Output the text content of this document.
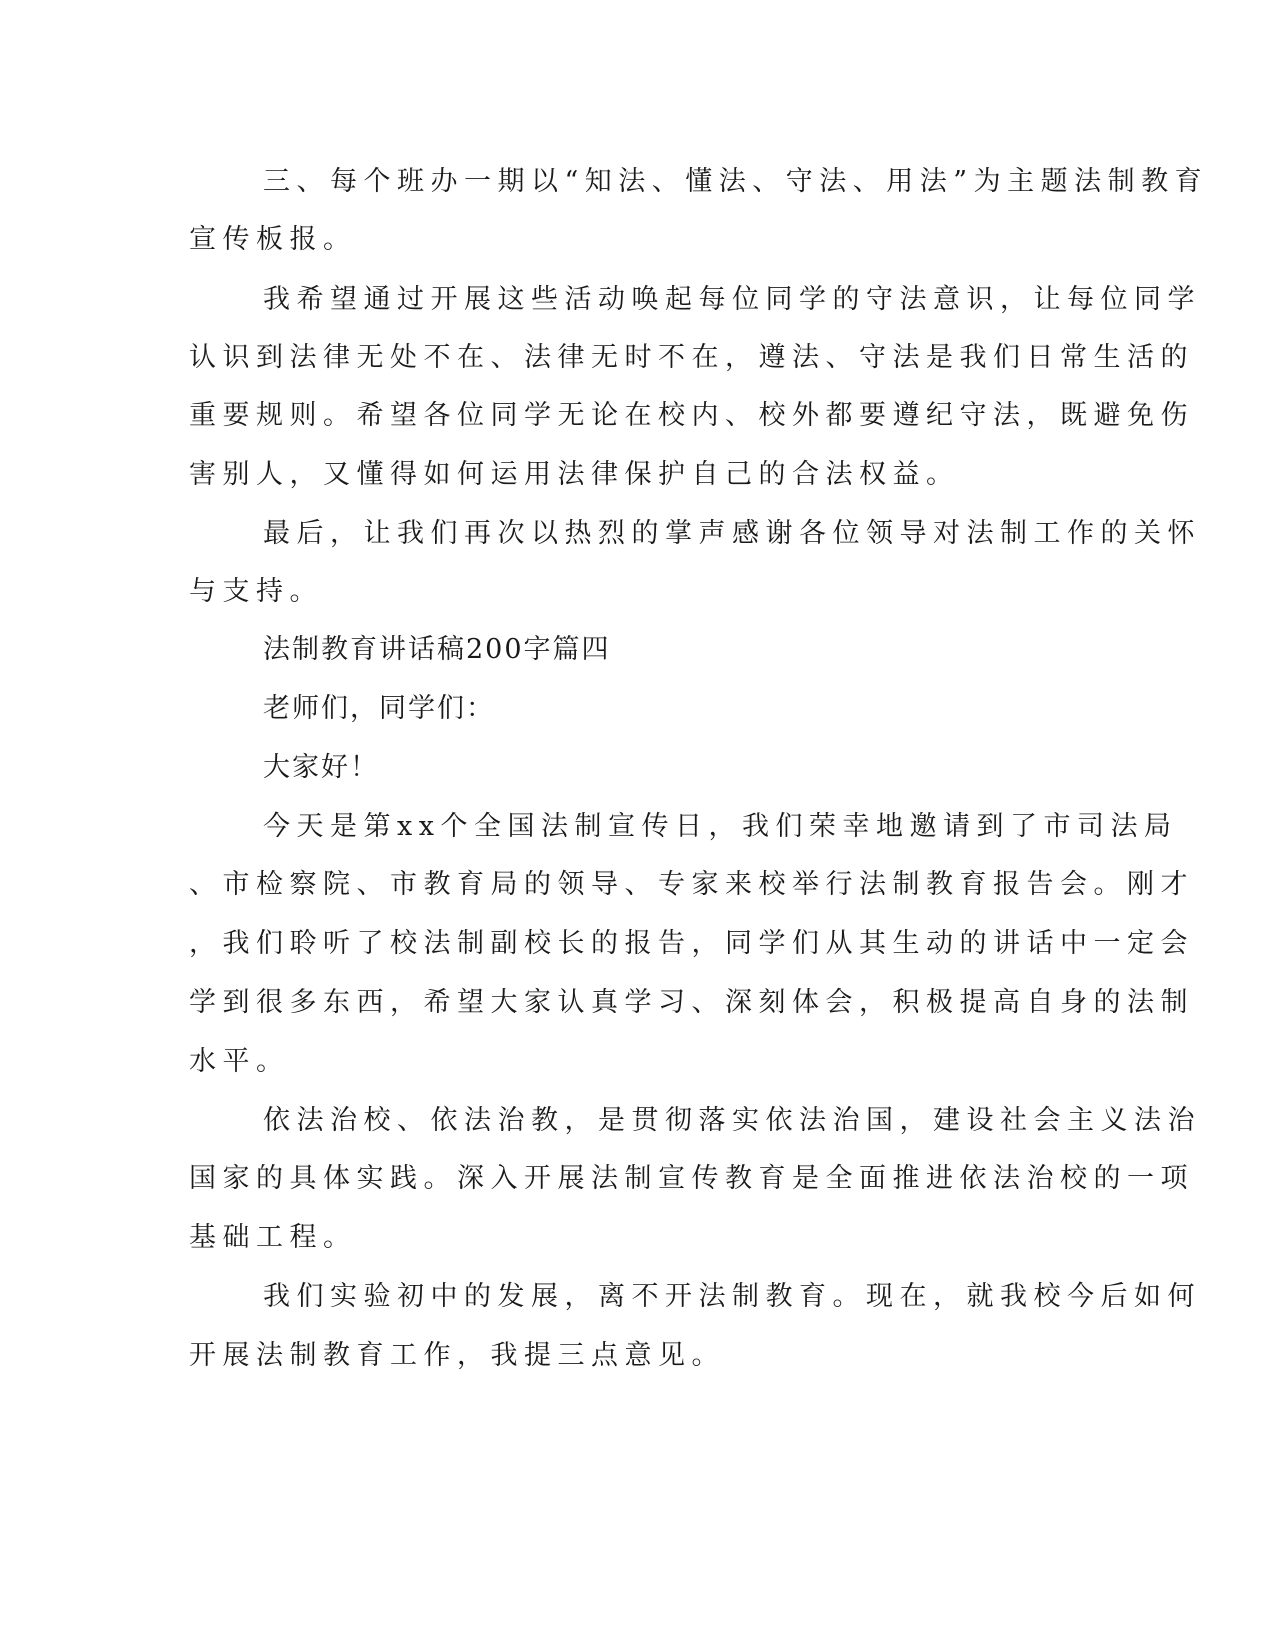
三、每个班办一期以“知法、懂法、守法、用法”为主题法制教育
宣传板报。
我希望通过开展这些活动唤起每位同学的守法意识，让每位同学
认识到法律无处不在、法律无时不在，遵法、守法是我们日常生活的
重要规则。希望各位同学无论在校内、校外都要遵纪守法，既避免伤
害别人，又懂得如何运用法律保护自己的合法权益。
最后，让我们再次以热烈的掌声感谢各位领导对法制工作的关怀
与支持。
法制教育讲话稿200字篇四
老师们，同学们：
大家好！
今天是第xx个全国法制宣传日，我们荣幸地邀请到了市司法局
、市检察院、市教育局的领导、专家来校举行法制教育报告会。刚才
，我们聆听了校法制副校长的报告，同学们从其生动的讲话中一定会
学到很多东西，希望大家认真学习、深刻体会，积极提高自身的法制
水平。
依法治校、依法治教，是贯彻落实依法治国，建设社会主义法治
国家的具体实践。深入开展法制宣传教育是全面推进依法治校的一项
基础工程。
我们实验初中的发展，离不开法制教育。现在，就我校今后如何
开展法制教育工作，我提三点意见。
